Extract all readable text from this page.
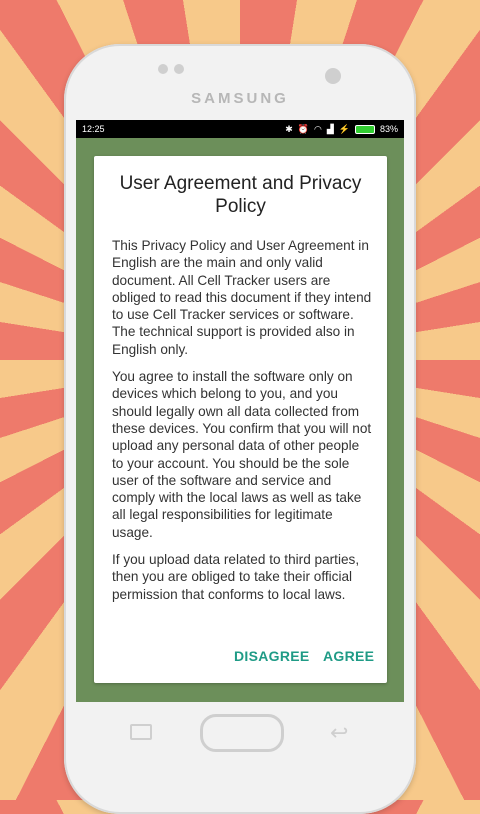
SAMSUNG
12:25	✱ ⏰ ◠ ▟ ⚡	83%
User Agreement and Privacy Policy

This Privacy Policy and User Agreement in English are the main and only valid document. All Cell Tracker users are obliged to read this document if they intend to use Cell Tracker services or software. The technical support is provided also in English only.

You agree to install the software only on devices which belong to you, and you should legally own all data collected from these devices. You confirm that you will not upload any personal data of other people to your account. You should be the sole user of the software and service and comply with the local laws as well as take all legal responsibilities for legitimate usage.

If you upload data related to third parties, then you are obliged to take their official permission that conforms to local laws.

DISAGREE AGREE
↩
